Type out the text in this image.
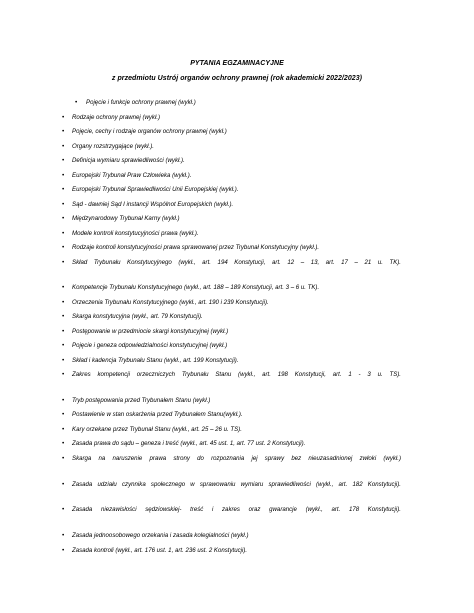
PYTANIA EGZAMINACYJNE
z przedmiotu Ustrój organów ochrony prawnej (rok akademicki 2022/2023)
• Pojęcie i funkcje ochrony prawnej (wykł.)
• Rodzaje ochrony prawnej (wykł.)
• Pojęcie, cechy i rodzaje organów ochrony prawnej (wykł.)
• Organy rozstrzygające (wykł.).
• Definicja wymiaru sprawiedliwości (wykł.).
• Europejski Trybunał Praw Człowieka (wykł.).
• Europejski Trybunał Sprawiedliwości Unii Europejskiej (wykł.).
• Sąd - dawniej Sąd I instancji Wspólnot Europejskich (wykł.).
• Międzynarodowy Trybunał Karny (wykł.)
• Modele kontroli konstytucyjności prawa (wykł.).
• Rodzaje kontroli konstytucyjności prawa sprawowanej przez Trybunał Konstytucyjny (wykł.).
• Skład Trybunału Konstytucyjnego (wykł., art. 194 Konstytucji, art. 12 – 13, art. 17 – 21 u. TK).
• Kompetencje Trybunału Konstytucyjnego (wykł., art. 188 – 189 Konstytucji, art. 3 – 6 u. TK).
• Orzeczenia Trybunału Konstytucyjnego (wykł., art. 190 i 239 Konstytucji).
• Skarga konstytucyjna (wykł., art. 79 Konstytucji).
• Postępowanie w przedmiocie skargi konstytucyjnej (wykł.)
• Pojęcie i geneza odpowiedzialności konstytucyjnej (wykł.)
• Skład i kadencja Trybunału Stanu (wykł., art. 199 Konstytucji).
• Zakres kompetencji orzeczniczych Trybunału Stanu (wykł., art. 198 Konstytucji, art. 1 - 3 u. TS).
• Tryb postępowania przed Trybunałem Stanu (wykł.)
• Postawienie w stan oskarżenia przed Trybunałem Stanu(wykł.).
• Kary orzekane przez Trybunał Stanu (wykł., art. 25 – 26 u. TS).
• Zasada prawa do sądu – geneza i treść (wykł., art. 45 ust. 1, art. 77 ust. 2 Konstytucji).
• Skarga na naruszenie prawa strony do rozpoznania jej sprawy bez nieuzasadnionej zwłoki (wykł.)
• Zasada udziału czynnika społecznego w sprawowaniu wymiaru sprawiedliwości (wykł., art. 182 Konstytucji).
• Zasada niezawisłości sędziowskiej- treść i zakres oraz gwarancje (wykł., art. 178 Konstytucji).
• Zasada jednoosobowego orzekania i zasada kolegialności (wykł.)
• Zasada kontroli (wykł., art. 176 ust. 1, art. 236 ust. 2 Konstytucji).
